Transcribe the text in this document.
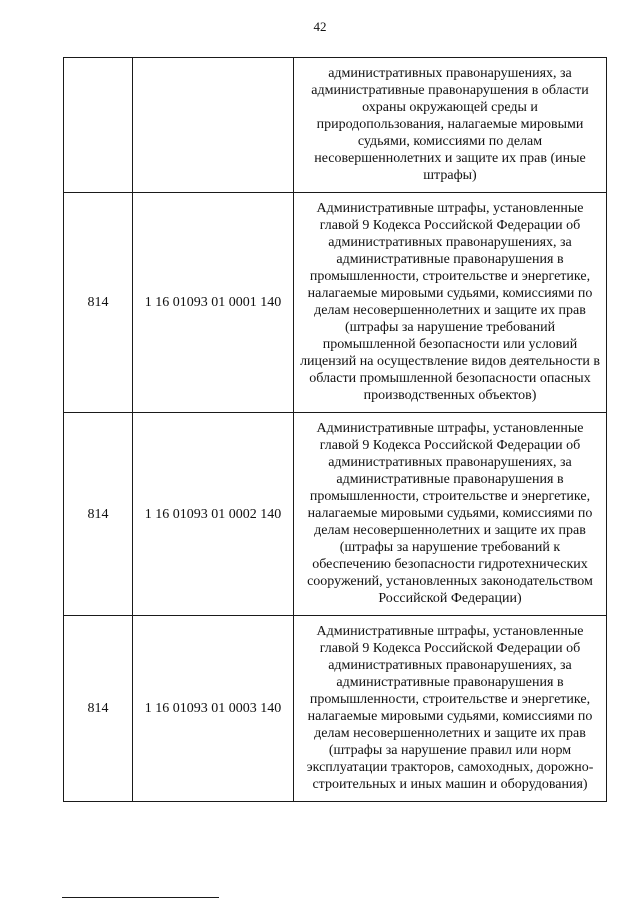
42
		административных правонарушениях, за административные правонарушения в области охраны окружающей среды и природопользования, налагаемые мировыми судьями, комиссиями по делам несовершеннолетних и защите их прав (иные штрафы)
814	1 16 01093 01 0001 140	Административные штрафы, установленные главой 9 Кодекса Российской Федерации об административных правонарушениях, за административные правонарушения в промышленности, строительстве и энергетике, налагаемые мировыми судьями, комиссиями по делам несовершеннолетних и защите их прав (штрафы за нарушение требований промышленной безопасности или условий лицензий на осуществление видов деятельности в области промышленной безопасности опасных производственных объектов)
814	1 16 01093 01 0002 140	Административные штрафы, установленные главой 9 Кодекса Российской Федерации об административных правонарушениях, за административные правонарушения в промышленности, строительстве и энергетике, налагаемые мировыми судьями, комиссиями по делам несовершеннолетних и защите их прав (штрафы за нарушение требований к обеспечению безопасности гидротехнических сооружений, установленных законодательством Российской Федерации)
814	1 16 01093 01 0003 140	Административные штрафы, установленные главой 9 Кодекса Российской Федерации об административных правонарушениях, за административные правонарушения в промышленности, строительстве и энергетике, налагаемые мировыми судьями, комиссиями по делам несовершеннолетних и защите их прав (штрафы за нарушение правил или норм эксплуатации тракторов, самоходных, дорожно-строительных и иных машин и оборудования)
